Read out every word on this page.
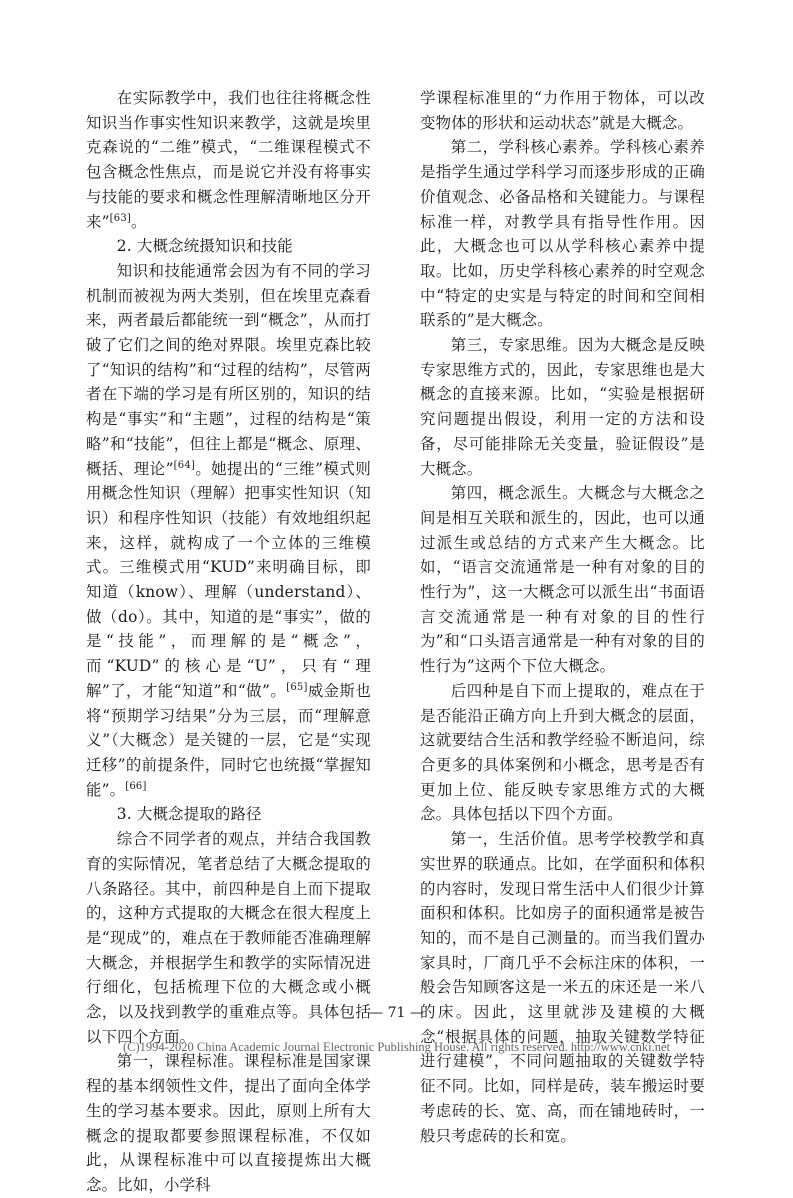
在实际教学中，我们也往往将概念性知识当作事实性知识来教学，这就是埃里克森说的“二维”模式，“二维课程模式不包含概念性焦点，而是说它并没有将事实与技能的要求和概念性理解清晰地区分开来”[63]。

2. 大概念统摄知识和技能

知识和技能通常会因为有不同的学习机制而被视为两大类别，但在埃里克森看来，两者最后都能统一到“概念”，从而打破了它们之间的绝对界限。埃里克森比较了“知识的结构”和“过程的结构”，尽管两者在下端的学习是有所区别的，知识的结构是“事实”和“主题”，过程的结构是“策略”和“技能”，但往上都是“概念、原理、概括、理论”[64]。她提出的“三维”模式则用概念性知识（理解）把事实性知识（知识）和程序性知识（技能）有效地组织起来，这样，就构成了一个立体的三维模式。三维模式用“KUD”来明确目标，即知道（know）、理解（understand）、做（do）。其中，知道的是“事实”，做的是“技能”，而理解的是“概念”，而“KUD”的核心是“U”，只有“理解”了，才能“知道”和“做”。[65]威金斯也将“预期学习结果”分为三层，而“理解意义”（大概念）是关键的一层，它是“实现迁移”的前提条件，同时它也统摄“掌握知能”。[66]

3. 大概念提取的路径

综合不同学者的观点，并结合我国教育的实际情况，笔者总结了大概念提取的八条路径。其中，前四种是自上而下提取的，这种方式提取的大概念在很大程度上是“现成”的，难点在于教师能否准确理解大概念，并根据学生和教学的实际情况进行细化，包括梳理下位的大概念或小概念，以及找到教学的重难点等。具体包括以下四个方面。

第一，课程标准。课程标准是国家课程的基本纲领性文件，提出了面向全体学生的学习基本要求。因此，原则上所有大概念的提取都要参照课程标准，不仅如此，从课程标准中可以直接提炼出大概念。比如，小学科

学课程标准里的“力作用于物体，可以改变物体的形状和运动状态”就是大概念。

第二，学科核心素养。学科核心素养是指学生通过学科学习而逐步形成的正确价值观念、必备品格和关键能力。与课程标准一样，对教学具有指导性作用。因此，大概念也可以从学科核心素养中提取。比如，历史学科核心素养的时空观念中“特定的史实是与特定的时间和空间相联系的”是大概念。

第三，专家思维。因为大概念是反映专家思维方式的，因此，专家思维也是大概念的直接来源。比如，“实验是根据研究问题提出假设，利用一定的方法和设备，尽可能排除无关变量，验证假设”是大概念。

第四，概念派生。大概念与大概念之间是相互关联和派生的，因此，也可以通过派生或总结的方式来产生大概念。比如，“语言交流通常是一种有对象的目的性行为”，这一大概念可以派生出“书面语言交流通常是一种有对象的目的性行为”和“口头语言通常是一种有对象的目的性行为”这两个下位大概念。

后四种是自下而上提取的，难点在于是否能沿正确方向上升到大概念的层面，这就要结合生活和教学经验不断追问，综合更多的具体案例和小概念，思考是否有更加上位、能反映专家思维方式的大概念。具体包括以下四个方面。

第一，生活价值。思考学校教学和真实世界的联通点。比如，在学面积和体积的内容时，发现日常生活中人们很少计算面积和体积。比如房子的面积通常是被告知的，而不是自己测量的。而当我们置办家具时，厂商几乎不会标注床的体积，一般会告知顾客这是一米五的床还是一米八的床。因此，这里就涉及建模的大概念“根据具体的问题，抽取关键数学特征进行建模”，不同问题抽取的关键数学特征不同。比如，同样是砖，装车搬运时要考虑砖的长、宽、高，而在铺地砖时，一般只考虑砖的长和宽。

— 71 —
(C)1994-2020 China Academic Journal Electronic Publishing House. All rights reserved. http://www.cnki.net
